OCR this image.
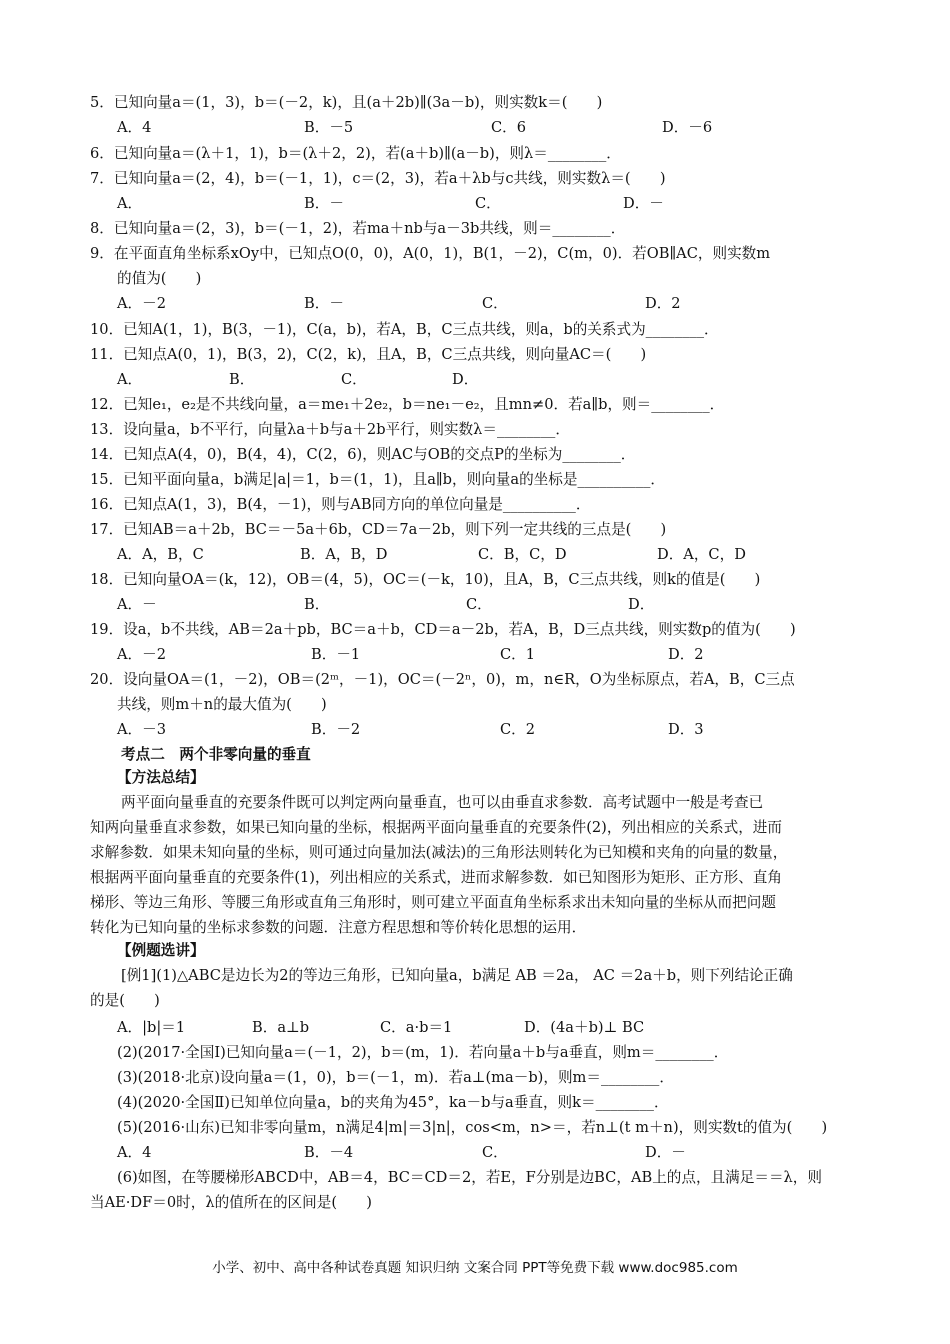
5．已知向量a＝(1，3)，b＝(－2，k)，且(a＋2b)∥(3a－b)，则实数k＝(　　)
A．4	B．－5	C．6	D．－6
6．已知向量a＝(λ＋1，1)，b＝(λ＋2，2)，若(a＋b)∥(a－b)，则λ＝________．
7．已知向量a＝(2，4)，b＝(－1，1)，c＝(2，3)，若a＋λb与c共线，则实数λ＝(　　)
A．	B．－	C．	D．－
8．已知向量a＝(2，3)，b＝(－1，2)，若ma＋nb与a－3b共线，则＝________．
9．在平面直角坐标系xOy中，已知点O(0，0)，A(0，1)，B(1，－2)，C(m，0)．若OB∥AC，则实数m
的值为(　　)
A．－2	B．－	C．	D．2
10．已知A(1，1)，B(3，－1)，C(a，b)，若A，B，C三点共线，则a，b的关系式为________．
11．已知点A(0，1)，B(3，2)，C(2，k)，且A，B，C三点共线，则向量AC＝(　　)
A．	B．	C．	D．
12．已知e₁，e₂是不共线向量，a＝me₁＋2e₂，b＝ne₁－e₂，且mn≠0．若a∥b，则＝________．
13．设向量a，b不平行，向量λa＋b与a＋2b平行，则实数λ＝________．
14．已知点A(4，0)，B(4，4)，C(2，6)，则AC与OB的交点P的坐标为________．
15．已知平面向量a，b满足|a|＝1，b＝(1，1)，且a∥b，则向量a的坐标是__________．
16．已知点A(1，3)，B(4，－1)，则与AB同方向的单位向量是__________．
17．已知AB＝a＋2b，BC＝－5a＋6b，CD＝7a－2b，则下列一定共线的三点是(　　)
A．A，B，C	B．A，B，D	C．B，C，D	D．A，C，D
18．已知向量OA＝(k，12)，OB＝(4，5)，OC＝(－k，10)，且A，B，C三点共线，则k的值是(　　)
A．－	B．	C．	D．
19．设a，b不共线，AB＝2a＋pb，BC＝a＋b，CD＝a－2b，若A，B，D三点共线，则实数p的值为(　　)
A．－2	B．－1	C．1	D．2
20．设向量OA＝(1，－2)，OB＝(2ᵐ，－1)，OC＝(－2ⁿ，0)，m，n∈R，O为坐标原点，若A，B，C三点
共线，则m＋n的最大值为(　　)
A．－3	B．－2	C．2	D．3
考点二　两个非零向量的垂直
【方法总结】
两平面向量垂直的充要条件既可以判定两向量垂直，也可以由垂直求参数．高考试题中一般是考查已
知两向量垂直求参数，如果已知向量的坐标，根据两平面向量垂直的充要条件(2)，列出相应的关系式，进而
求解参数．如果未知向量的坐标，则可通过向量加法(减法)的三角形法则转化为已知模和夹角的向量的数量，
根据两平面向量垂直的充要条件(1)，列出相应的关系式，进而求解参数．如已知图形为矩形、正方形、直角
梯形、等边三角形、等腰三角形或直角三角形时，则可建立平面直角坐标系求出未知向量的坐标从而把问题
转化为已知向量的坐标求参数的问题．注意方程思想和等价转化思想的运用．
【例题选讲】
[例1](1)△ABC是边长为2的等边三角形，已知向量a，b满足 AB ＝2a， AC ＝2a＋b，则下列结论正确
的是(　　)
A．|b|＝1	B．a⊥b	C．a·b＝1	D．(4a＋b)⊥ BC
(2)(2017·全国Ⅰ)已知向量a＝(－1，2)，b＝(m，1)．若向量a＋b与a垂直，则m＝________．
(3)(2018·北京)设向量a＝(1，0)，b＝(－1，m)．若a⊥(ma－b)，则m＝________．
(4)(2020·全国Ⅱ)已知单位向量a，b的夹角为45°，ka－b与a垂直，则k＝________．
(5)(2016·山东)已知非零向量m，n满足4|m|＝3|n|，cos<m，n>＝，若n⊥(t m＋n)，则实数t的值为(　　)
A．4	B．－4	C．	D．－
(6)如图，在等腰梯形ABCD中，AB＝4，BC＝CD＝2，若E，F分别是边BC，AB上的点，且满足＝＝λ，则
当AE·DF＝0时，λ的值所在的区间是(　　)
小学、初中、高中各种试卷真题 知识归纳 文案合同 PPT等免费下载 www.doc985.com
